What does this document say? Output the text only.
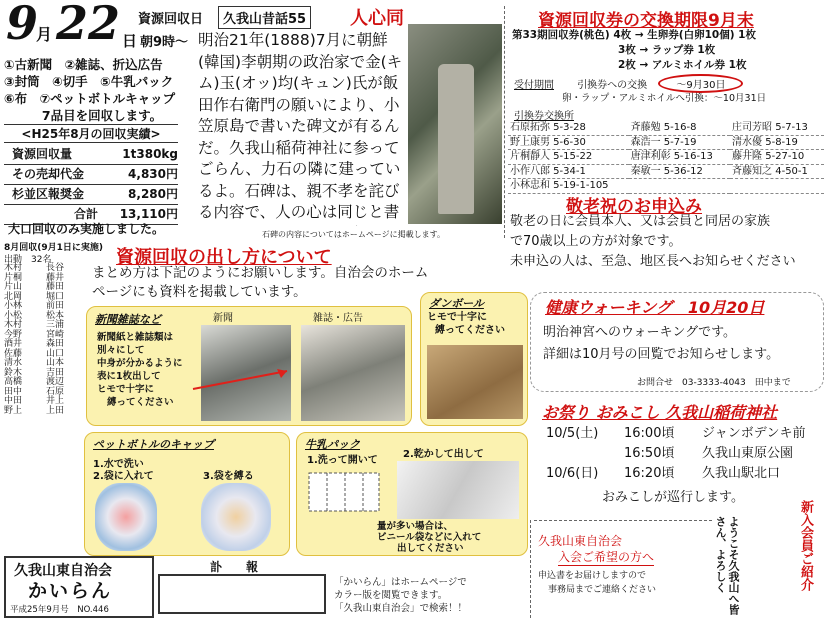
9
月 22 資源回収日
日 朝9時～
①古新聞　②雑誌、折込広告
③封筒　④切手　⑤牛乳パック
⑥布　⑦ペットボトルキャップ
7品目を回収します。
久我山昔話55 人心同
明治21年(1888)7月に朝鮮(韓国)李朝期の政治家で金(キム)玉(オッ)均(キュン)氏が飯田作右衛門の願いにより、小笠原島で書いた碑文が有るんだ。久我山稲荷神社に参ってごらん、力石の隣に建っているよ。石碑は、親不孝を詫びる内容で、人の心は同じと書
石碑の内容についてはホームページに掲載します。
<H25年8月の回収実績>
資源回収量	1t380kg
その売却代金	4,830円
杉並区報奨金	8,280円
合計 13,110円
大口回収のみ実施しました。
8月回収(9月1日に実施)
出動　32名
木村
片桐
片山
北岡
小林
小松
木村
今野
酒井
佐藤
清水
鈴木
高橋
田中
中田
野上
長谷
藤井
藤田
堀口
前田
松本
三浦
宮崎
森田
山口
山本
吉田
渡辺
石原
井上
上田
資源回収券の交換期限9月末
第33期回収券(桃色) 4枚 → 生卵券(白卵10個) 1枚
3枚 → ラップ券 1枚
2枚 → アルミホイル券 1枚
受付期間 引換券への交換	～9月30日
卵・ラップ・アルミホイルへ引換：～10月31日
引換券交換所
石原拓弥 5-3-28	斉藤勉 5-16-8	庄司芳昭 5-7-13
野上康男 5-6-30	森浩一 5-7-19	清水優 5-8-19
片桐靜人 5-15-22	唐津利彰 5-16-13	藤井隆 5-27-10
小作八郎 5-34-1	秦敏一 5-36-12	斉藤知之 4-50-1
小林忠和 5-19-1-105		
敬老祝のお申込み
敬老の日に会員本人、又は会員と同居の家族
で70歳以上の方が対象です。
未申込の人は、至急、地区長へお知らせください
資源回収の出し方について
まとめ方は下記のようにお願いします。自治会のホーム
ページにも資料を掲載しています。
新聞雑誌など
新聞紙と雑誌類は
別々にして
中身が分かるように
表に1枚出して
ヒモで十字に
縛ってください
新聞	雑誌・広告
ダンボール
ヒモで十字に
縛ってください
ペットボトルのキャップ
1.水で洗い
2.袋に入れて	3.袋を縛る
牛乳パック
1.洗って開いて
2.乾かして出して
量が多い場合は、
ビニール袋などに入れて
出してください
健康ウォーキング　10月20日
明治神宮へのウォーキングです。
詳細は10月号の回覧でお知らせします。
お問合せ　03-3333-4043　田中まで
お祭り おみこし 久我山稲荷神社
10/5(土)	16:00頃	ジャンボデンキ前
16:50頃	久我山東原公園
10/6(日)	16:20頃	久我山駅北口
おみこしが巡行します。
久我山東自治会
入会ご希望の方へ
申込書をお届けしますので
事務局までご連絡ください	ようこそ久我山へ皆さん、よろしく	新入会員ご紹介
久我山東自治会
かいらん
平成25年9月号　NO.446
訃　　報
「かいらん」はホームページで
カラー版を閲覧できます。
「久我山東自治会」で検索！！
